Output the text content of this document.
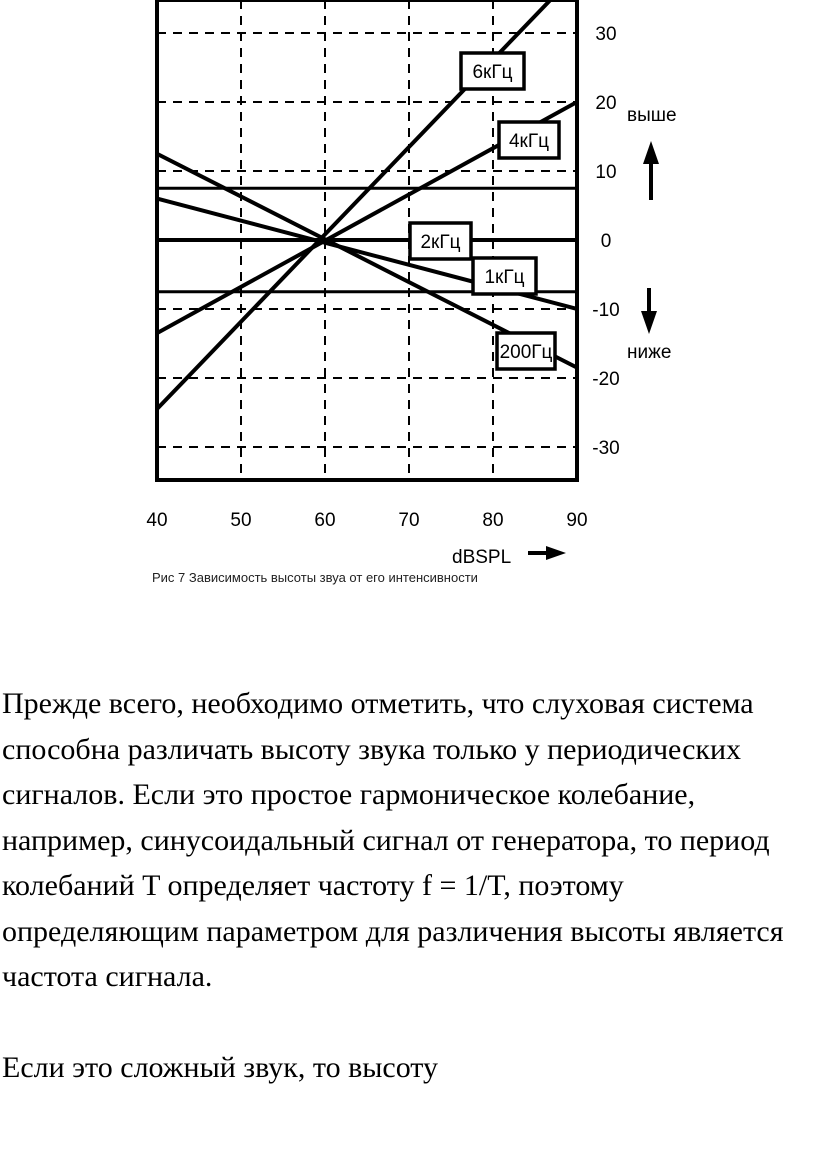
6кГц
4кГц
2кГц
1кГц
200Гц
40	50	60	70	80	90
30
20
10
0
-10
-20
-30
выше
ниже
dBSPL
Рис 7 Зависимость высоты звуа от его интенсивности

Прежде всего, необходимо отметить, что слуховая система способна различать высоту звука только у периодических сигналов. Если это простое гармоническое колебание, например, синусоидальный сигнал от генератора, то период колебаний T определяет частоту f = 1/T, поэтому определяющим параметром для различения высоты является частота сигнала.

Если это сложный звук, то высоту
